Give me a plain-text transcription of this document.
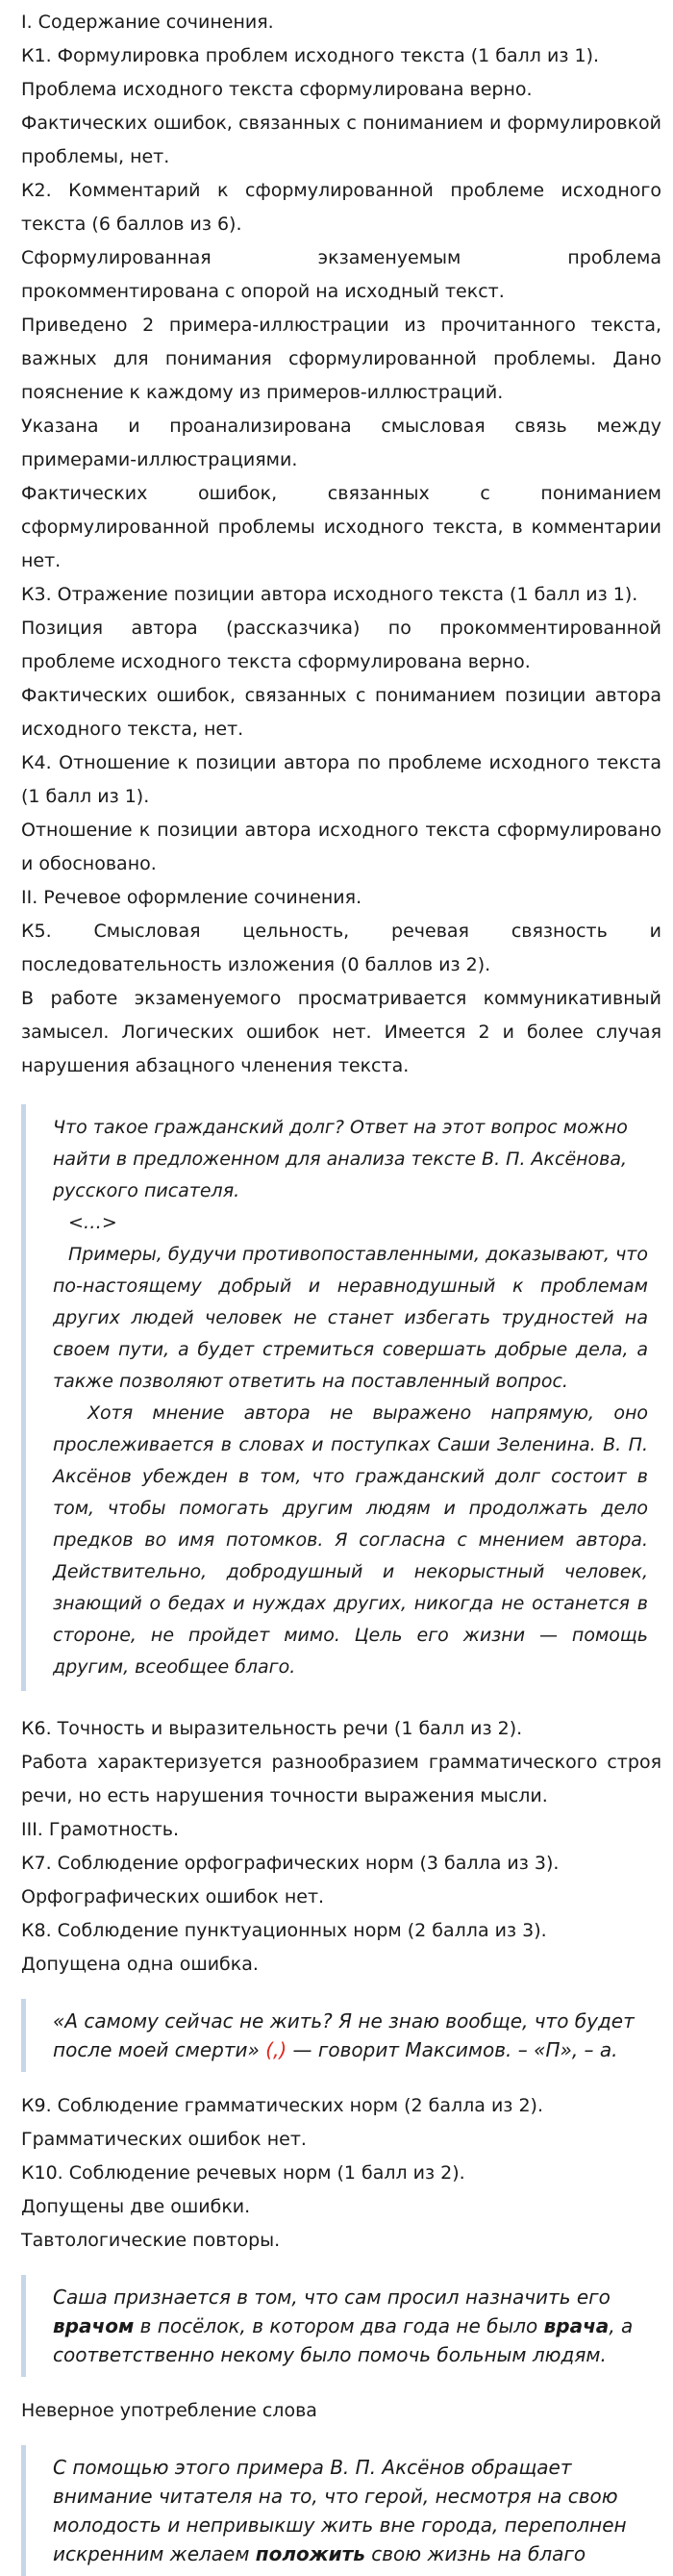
I. Содержание сочинения.

К1. Формулировка проблем исходного текста (1 балл из 1).

Проблема исходного текста сформулирована верно.

Фактических ошибок, связанных с пониманием и формулировкой проблемы, нет.

К2. Комментарий к сформулированной проблеме исходного текста (6 баллов из 6).

Сформулированная экзаменуемым проблема прокомментирована с опорой на исходный текст.

Приведено 2 примера-иллюстрации из прочитанного текста, важных для понимания сформулированной проблемы. Дано пояснение к каждому из примеров-иллюстраций.

Указана и проанализирована смысловая связь между примерами-иллюстрациями.

Фактических ошибок, связанных с пониманием сформулированной проблемы исходного текста, в комментарии нет.

К3. Отражение позиции автора исходного текста (1 балл из 1).

Позиция автора (рассказчика) по прокомментированной проблеме исходного текста сформулирована верно.

Фактических ошибок, связанных с пониманием позиции автора исходного текста, нет.

К4. Отношение к позиции автора по проблеме исходного текста (1 балл из 1).

Отношение к позиции автора исходного текста сформулировано и обосновано.

II. Речевое оформление сочинения.

К5. Смысловая цельность, речевая связность и последовательность изложения (0 баллов из 2).

В работе экзаменуемого просматривается коммуникативный замысел. Логических ошибок нет. Имеется 2 и более случая нарушения абзацного членения текста.

Что такое гражданский долг? Ответ на этот вопрос можно найти в предложенном для анализа тексте В. П. Аксёнова, русского писателя.

<…>

Примеры, будучи противопоставленными, доказывают, что по-настоящему добрый и неравнодушный к проблемам других людей человек не станет избегать трудностей на своем пути, а будет стремиться совершать добрые дела, а также позволяют ответить на поставленный вопрос.

Хотя мнение автора не выражено напрямую, оно прослеживается в словах и поступках Саши Зеленина. В. П. Аксёнов убежден в том, что гражданский долг состоит в том, чтобы помогать другим людям и продолжать дело предков во имя потомков. Я согласна с мнением автора. Действительно, добродушный и некорыстный человек, знающий о бедах и нуждах других, никогда не останется в стороне, не пройдет мимо. Цель его жизни — помощь другим, всеобщее благо.

К6. Точность и выразительность речи (1 балл из 2).

Работа характеризуется разнообразием грамматического строя речи, но есть нарушения точности выражения мысли.

III. Грамотность.

К7. Соблюдение орфографических норм (3 балла из 3).

Орфографических ошибок нет.

К8. Соблюдение пунктуационных норм (2 балла из 3).

Допущена одна ошибка.

«А самому сейчас не жить? Я не знаю вообще, что будет после моей смерти» (,) — говорит Максимов. – «П», – а.

К9. Соблюдение грамматических норм (2 балла из 2).

Грамматических ошибок нет.

К10. Соблюдение речевых норм (1 балл из 2).

Допущены две ошибки.

Тавтологические повторы.

Саша признается в том, что сам просил назначить его врачом в посёлок, в котором два года не было врача, а соответственно некому было помочь больным людям.

Неверное употребление слова

С помощью этого примера В. П. Аксёнов обращает внимание читателя на то, что герой, несмотря на свою молодость и непривыкшу жить вне города, переполнен искренним желаем положить свою жизнь на благо
